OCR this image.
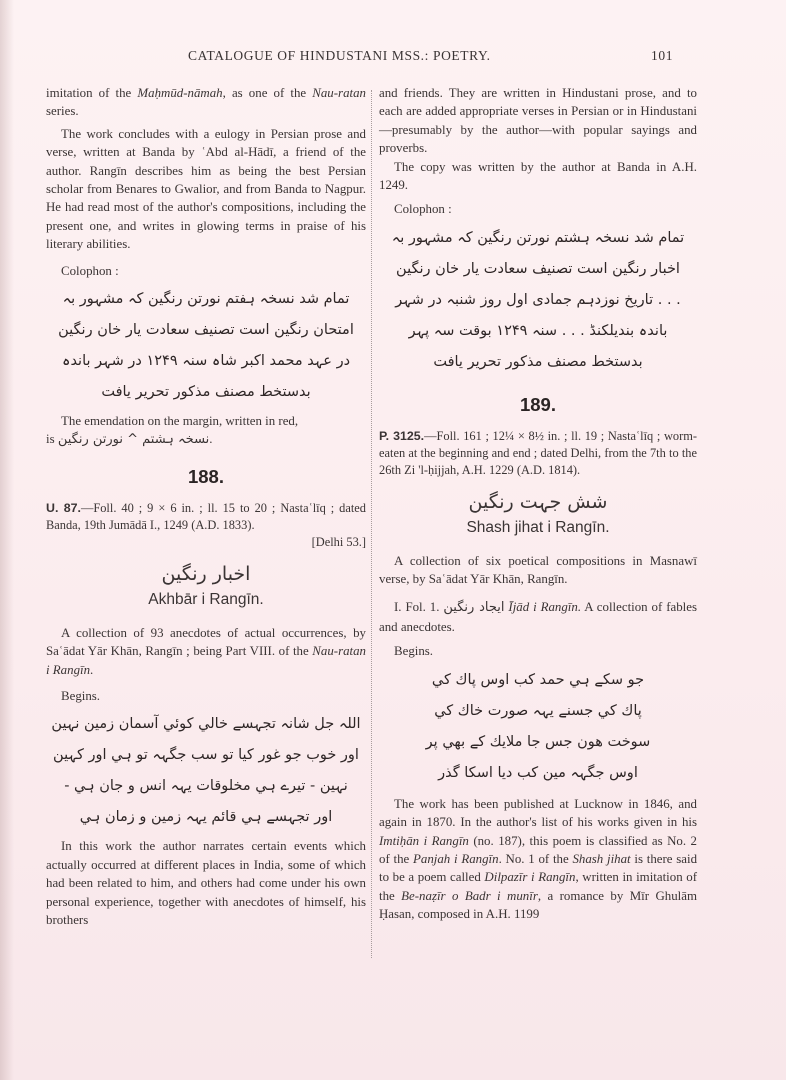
CATALOGUE OF HINDUSTANI MSS.: POETRY.	101

imitation of the Maḥmūd-nāmah, as one of the Nau-ratan series.

The work concludes with a eulogy in Persian prose and verse, written at Banda by ʿAbd al-Hādī, a friend of the author. Rangīn describes him as being the best Persian scholar from Benares to Gwalior, and from Banda to Nagpur. He had read most of the author's compositions, including the present one, and writes in glowing terms in praise of his literary abilities.

Colophon :

تمام شد نسخہ ہفتم نورتن رنگین کہ مشہور بہ
امتحان رنگین است تصنیف سعادت یار خان رنگین
در عہد محمد اکبر شاہ سنہ ۱۲۴۹ در شہر باندہ
بدستخط مصنف مذکور تحریر یافت

The emendation on the margin, written in red,
is نسخہ ہشتم ^ نورتن رنگین.

188.

U. 87.—Foll. 40 ; 9 × 6 in. ; ll. 15 to 20 ; Nastaʿlīq ; dated Banda, 19th Jumādā I., 1249 (A.D. 1833).

[Delhi 53.]
اخبار رنگین
Akhbār i Rangīn.

A collection of 93 anecdotes of actual occurrences, by Saʿādat Yār Khān, Rangīn ; being Part VIII. of the Nau-ratan i Rangīn.

Begins.

اللہ جل شانہ تجہسے خالي كوئي آسمان زمين نہين
اور خوب جو غور كيا تو سب جگہہ تو ہي اور كہين
نہين - تيرے ہي مخلوقات يہہ انس و جان ہي -
اور تجہسے ہي قائم يہہ زمين و زمان ہي

In this work the author narrates certain events which actually occurred at different places in India, some of which had been related to him, and others had come under his own personal experience, together with anecdotes of himself, his brothers

and friends. They are written in Hindustani prose, and to each are added appropriate verses in Persian or in Hindustani—presumably by the author—with popular sayings and proverbs.

The copy was written by the author at Banda in A.H. 1249.

Colophon :

تمام شد نسخہ ہشتم نورتن رنگین کہ مشہور بہ
اخبار رنگین است تصنیف سعادت یار خان رنگین
. . . تاریخ نوزدہم جمادی اول روز شنبہ در شہر
باندہ بندیلکنڈ . . . سنہ ۱۲۴۹ بوقت سہ پہر
بدستخط مصنف مذکور تحریر یافت
189.

P. 3125.—Foll. 161 ; 12¼ × 8½ in. ; ll. 19 ; Nastaʿlīq ; worm-eaten at the beginning and end ; dated Delhi, from the 7th to the 26th Zi 'l-ḥijjah, A.H. 1229 (A.D. 1814).

شش جہت رنگین
Shash jihat i Rangīn.

A collection of six poetical compositions in Masnawī verse, by Saʿādat Yār Khān, Rangīn.

I. Fol. 1. ایجاد رنگین Ījād i Rangīn. A collection of fables and anecdotes.

Begins.

جو سكے ہي حمد كب اوس پاك كي
پاك كي جسنے يہہ صورت خاك كي
سوخت هون جس جا ملايك كے بهي پر
اوس جگہہ مين كب دیا اسكا گذر

The work has been published at Lucknow in 1846, and again in 1870. In the author's list of his works given in his Imtiḥān i Rangīn (no. 187), this poem is classified as No. 2 of the Panjah i Rangīn. No. 1 of the Shash jihat is there said to be a poem called Dilpazīr i Rangīn, written in imitation of the Be-naẓīr o Badr i munīr, a romance by Mīr Ghulām Ḥasan, composed in A.H. 1199
